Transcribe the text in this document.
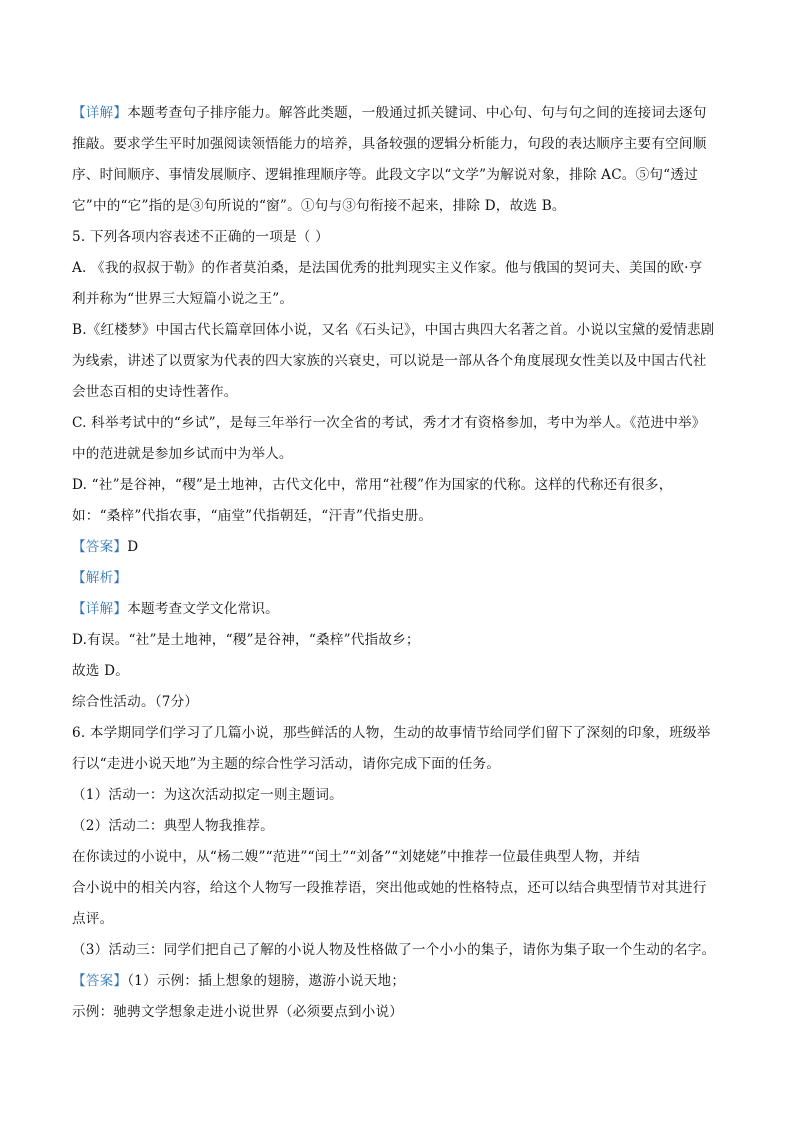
【详解】本题考查句子排序能力。解答此类题，一般通过抓关键词、中心句、句与句之间的连接词去逐句
推敲。要求学生平时加强阅读领悟能力的培养，具备较强的逻辑分析能力，句段的表达顺序主要有空间顺
序、时间顺序、事情发展顺序、逻辑推理顺序等。此段文字以“文学”为解说对象，排除 AC。⑤句“透过
它”中的“它”指的是③句所说的“窗”。①句与③句衔接不起来，排除 D，故选 B。
5. 下列各项内容表述不正确的一项是（ ）
A. 《我的叔叔于勒》的作者莫泊桑，是法国优秀的批判现实主义作家。他与俄国的契诃夫、美国的欧·亨
利并称为“世界三大短篇小说之王”。
B.《红楼梦》中国古代长篇章回体小说，又名《石头记》，中国古典四大名著之首。小说以宝黛的爱情悲剧
为线索，讲述了以贾家为代表的四大家族的兴衰史，可以说是一部从各个角度展现女性美以及中国古代社
会世态百相的史诗性著作。
C. 科举考试中的“乡试”，是每三年举行一次全省的考试，秀才才有资格参加，考中为举人。《范进中举》
中的范进就是参加乡试而中为举人。
D. “社”是谷神，“稷”是土地神，古代文化中，常用“社稷”作为国家的代称。这样的代称还有很多，
如：“桑梓”代指农事，“庙堂”代指朝廷，“汗青”代指史册。
【答案】D
【解析】
【详解】本题考查文学文化常识。
D.有误。“社”是土地神，“稷”是谷神，“桑梓”代指故乡；
故选 D。
综合性活动。（7分）
6. 本学期同学们学习了几篇小说，那些鲜活的人物，生动的故事情节给同学们留下了深刻的印象，班级举
行以“走进小说天地”为主题的综合性学习活动，请你完成下面的任务。
（1）活动一：为这次活动拟定一则主题词。
（2）活动二：典型人物我推荐。
在你读过的小说中，从“杨二嫂”“范进”“闰土”“刘备”“刘姥姥”中推荐一位最佳典型人物，并结
合小说中的相关内容，给这个人物写一段推荐语，突出他或她的性格特点，还可以结合典型情节对其进行
点评。
（3）活动三：同学们把自己了解的小说人物及性格做了一个小小的集子，请你为集子取一个生动的名字。
【答案】（1）示例：插上想象的翅膀，遨游小说天地；
示例：驰骋文学想象走进小说世界（必须要点到小说）
